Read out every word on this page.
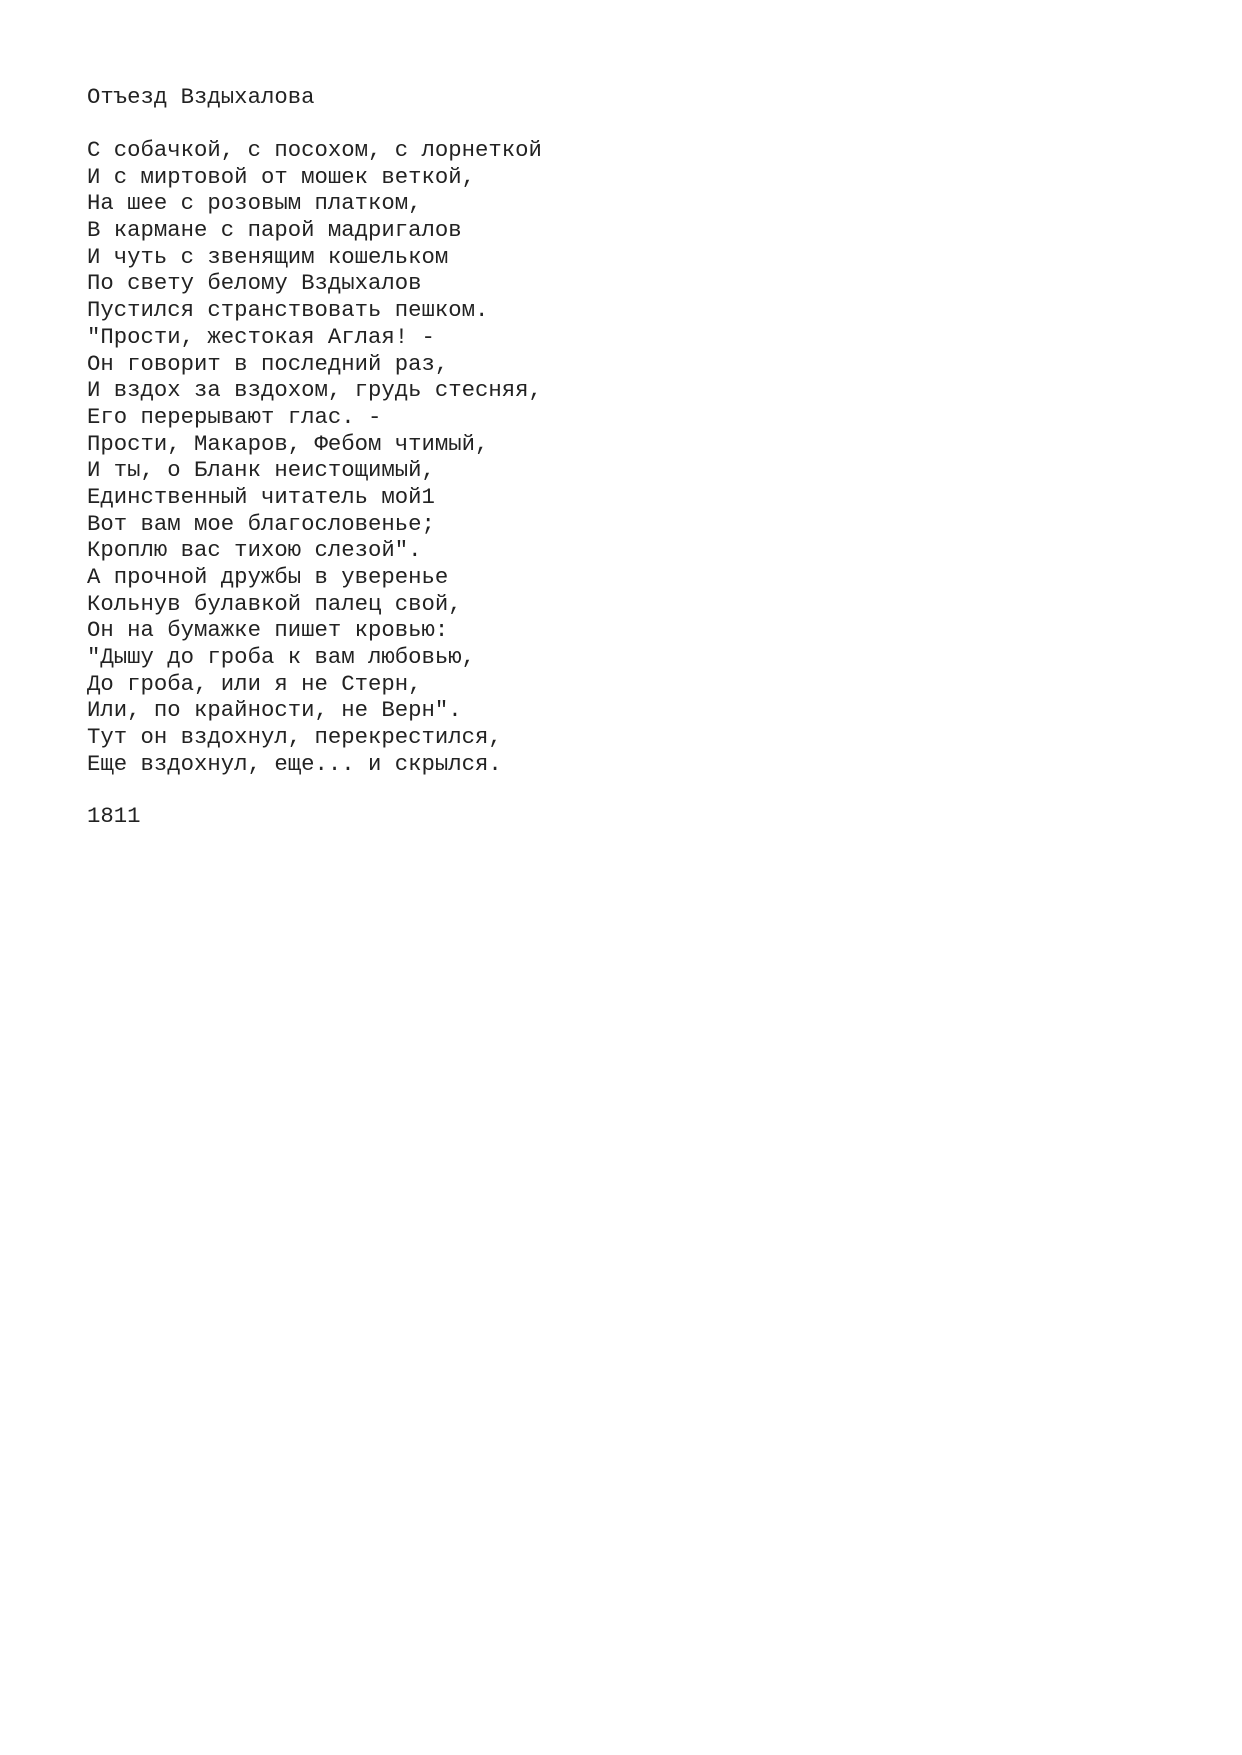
Отъезд Вздыхалова
С собачкой, с посохом, с лорнеткой
И с миртовой от мошек веткой,
На шее с розовым платком,
В кармане с парой мадригалов
И чуть с звенящим кошельком
По свету белому Вздыхалов
Пустился странствовать пешком.
"Прости, жестокая Аглая! -
Он говорит в последний раз,
И вздох за вздохом, грудь стесняя,
Его перерывают глас. -
Прости, Макаров, Фебом чтимый,
И ты, о Бланк неистощимый,
Единственный читатель мой1
Вот вам мое благословенье;
Кроплю вас тихою слезой".
А прочной дружбы в уверенье
Кольнув булавкой палец свой,
Он на бумажке пишет кровью:
"Дышу до гроба к вам любовью,
До гроба, или я не Стерн,
Или, по крайности, не Верн".
Тут он вздохнул, перекрестился,
Еще вздохнул, еще... и скрылся.

1811
